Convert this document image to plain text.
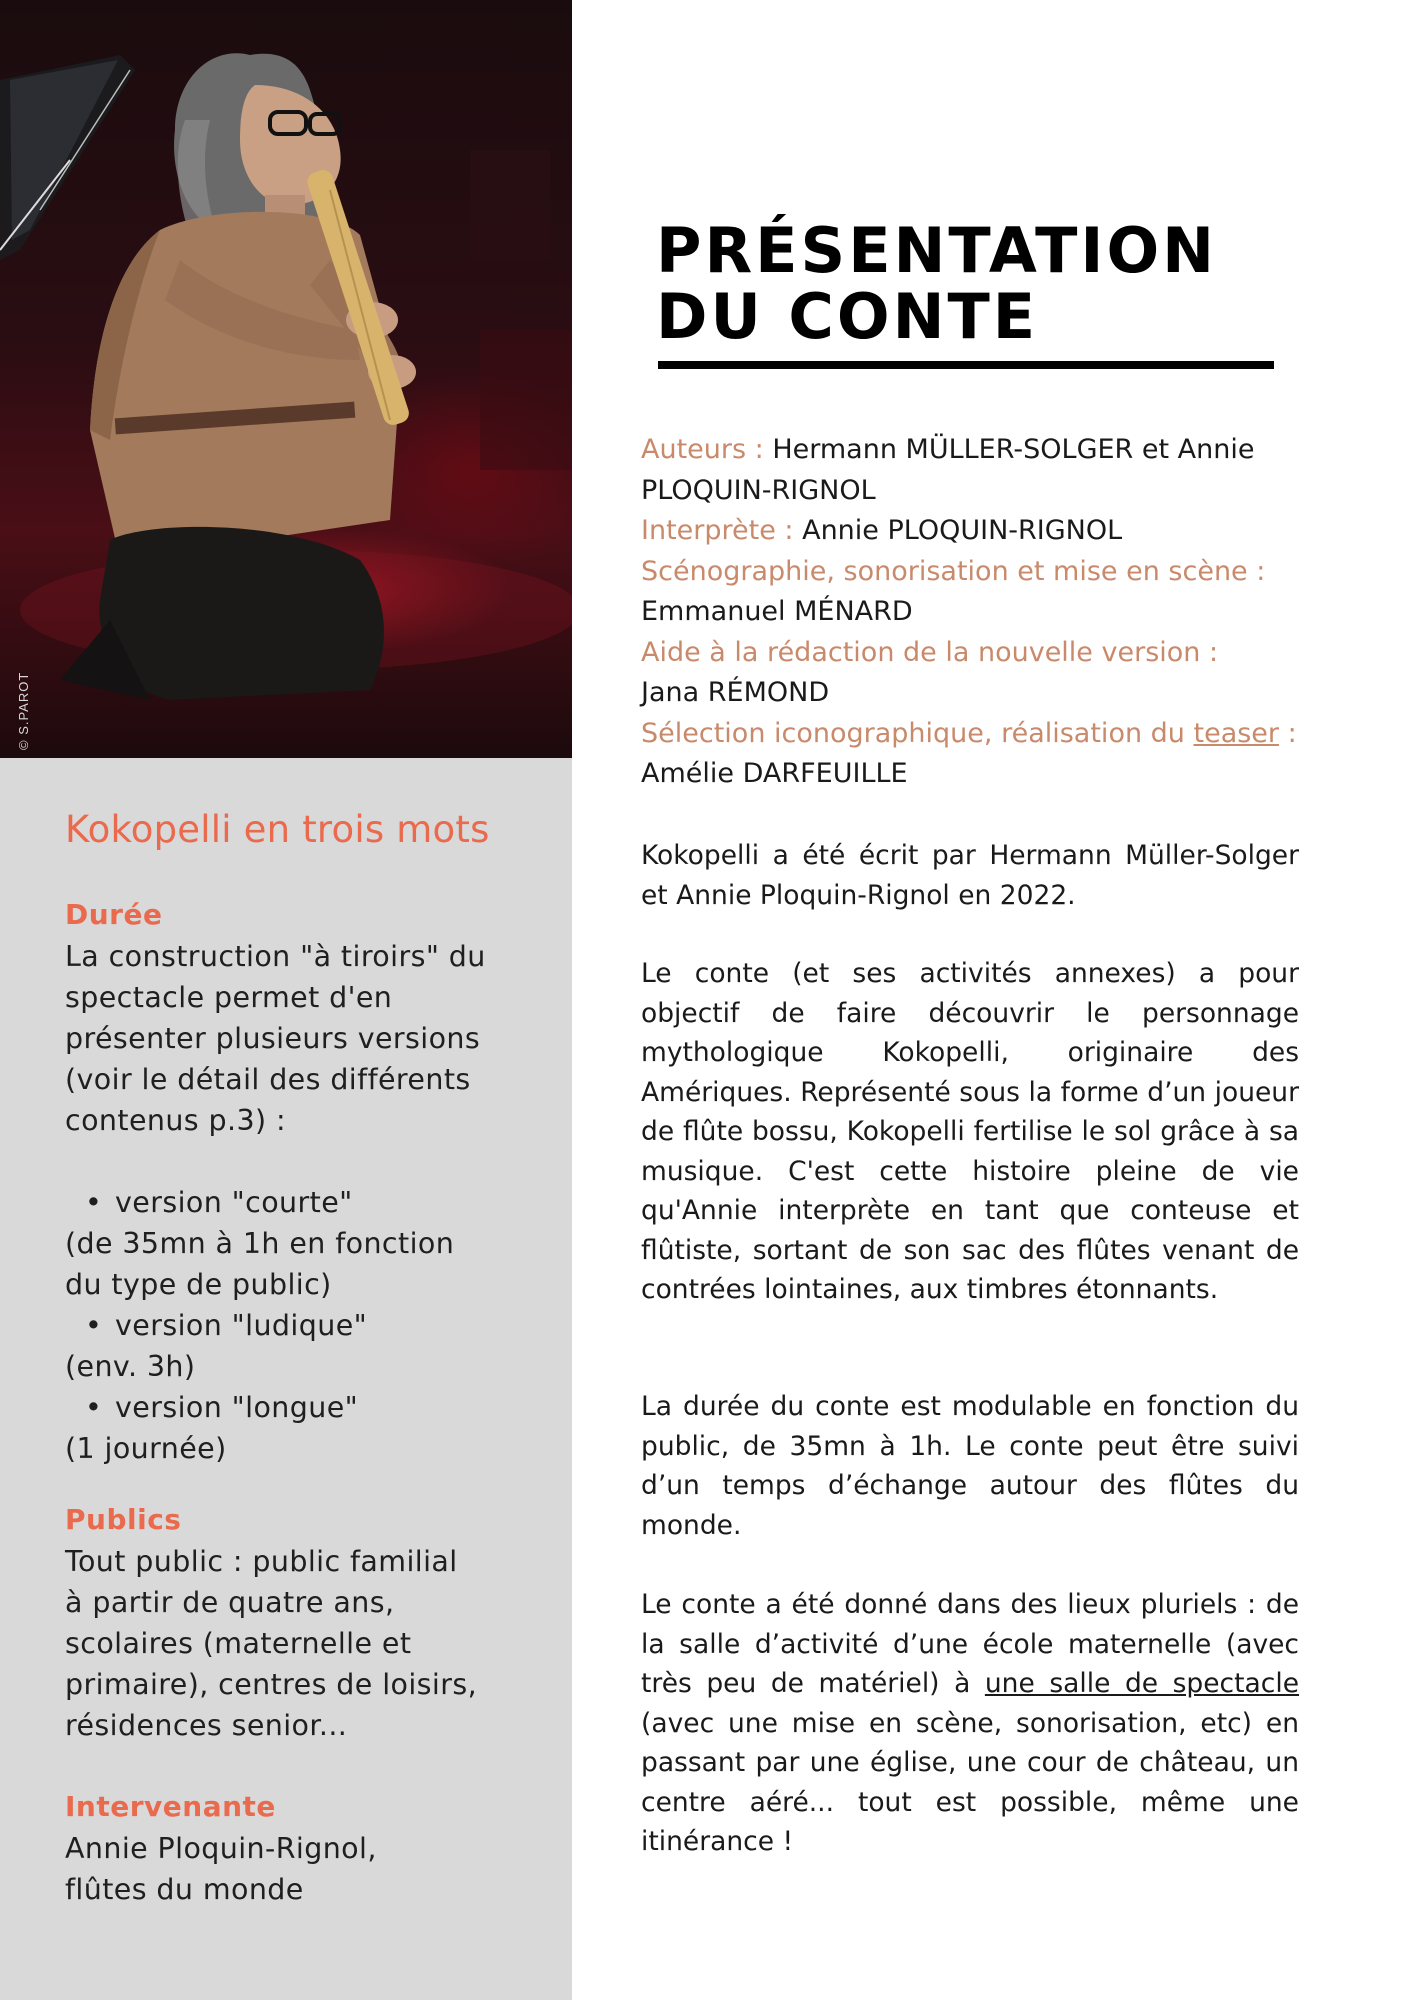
© S.PAROT
Kokopelli en trois mots
Durée
La construction "à tiroirs" du
spectacle permet d'en
présenter plusieurs versions
(voir le détail des différents
contenus p.3) :

• version "courte"
(de 35mn à 1h en fonction
du type de public)
• version "ludique"
(env. 3h)
• version "longue"
(1 journée)
Publics
Tout public : public familial
à partir de quatre ans,
scolaires (maternelle et
primaire), centres de loisirs,
résidences senior...
Intervenante
Annie Ploquin-Rignol,
flûtes du monde
PRÉSENTATION
DU CONTE
Auteurs : Hermann MÜLLER-SOLGER et Annie
PLOQUIN-RIGNOL
Interprète : Annie PLOQUIN-RIGNOL
Scénographie, sonorisation et mise en scène :
Emmanuel MÉNARD
Aide à la rédaction de la nouvelle version :
Jana RÉMOND
Sélection iconographique, réalisation du teaser :
Amélie DARFEUILLE

Kokopelli a été écrit par Hermann Müller-Solger et Annie Ploquin-Rignol en 2022.

Le conte (et ses activités annexes) a pour objectif de faire découvrir le personnage mythologique Kokopelli, originaire des Amériques. Représenté sous la forme d’un joueur de flûte bossu, Kokopelli fertilise le sol grâce à sa musique. C'est cette histoire pleine de vie qu'Annie interprète en tant que conteuse et flûtiste, sortant de son sac des flûtes venant de contrées lointaines, aux timbres étonnants.

La durée du conte est modulable en fonction du public, de 35mn à 1h. Le conte peut être suivi d’un temps d’échange autour des flûtes du monde.

Le conte a été donné dans des lieux pluriels : de la salle d’activité d’une école maternelle (avec très peu de matériel) à une salle de spectacle (avec une mise en scène, sonorisation, etc) en passant par une église, une cour de château, un centre aéré... tout est possible, même une itinérance !
